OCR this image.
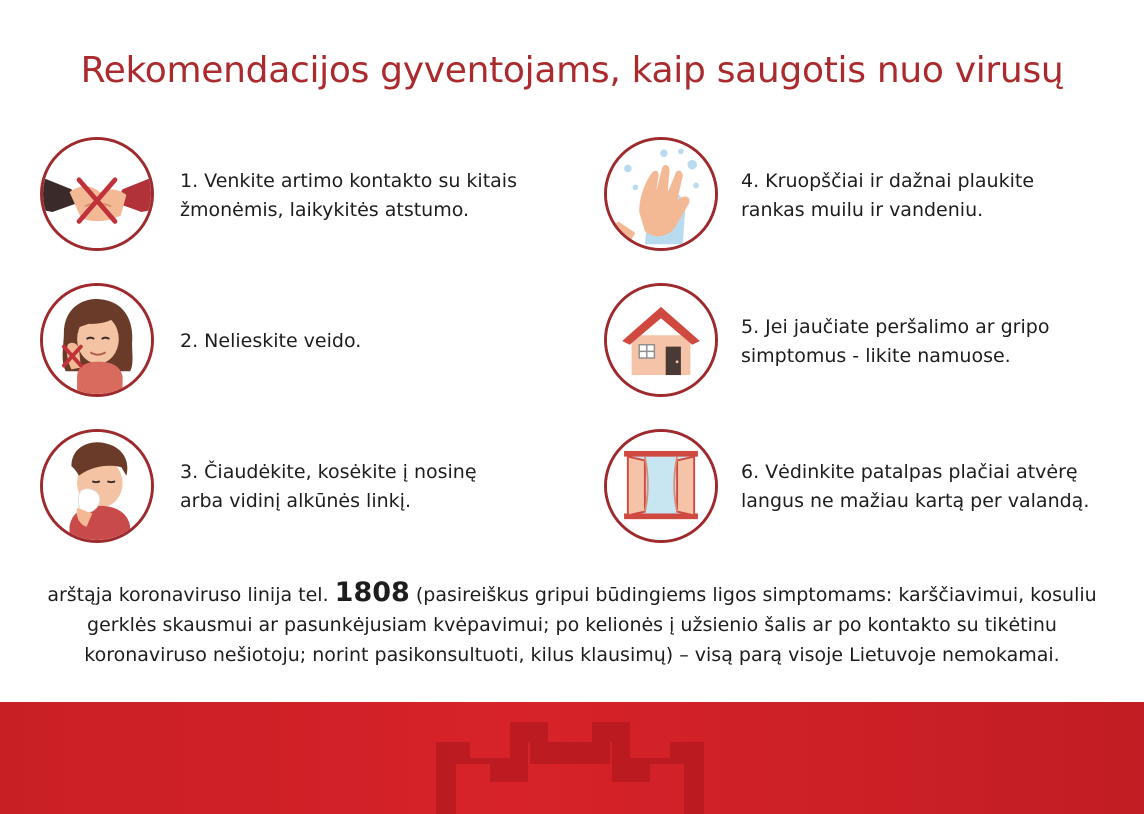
Rekomendacijos gyventojams, kaip saugotis nuo virusų
1. Venkite artimo kontakto su kitais
žmonėmis, laikykitės atstumo.
2. Nelieskite veido.
3. Čiaudėkite, kosėkite į nosinę
arba vidinį alkūnės linkį.
4. Kruopščiai ir dažnai plaukite
rankas muilu ir vandeniu.
5. Jei jaučiate peršalimo ar gripo
simptomus - likite namuose.
6. Vėdinkite patalpas plačiai atvėrę
langus ne mažiau kartą per valandą.
arštąja koronaviruso linija tel. 1808 (pasireiškus gripui būdingiems ligos simptomams: karščiavimui, kosuliu
gerklės skausmui ar pasunkėjusiam kvėpavimui; po kelionės į užsienio šalis ar po kontakto su tikėtinu
koronaviruso nešiotoju; norint pasikonsultuoti, kilus klausimų) – visą parą visoje Lietuvoje nemokamai.
